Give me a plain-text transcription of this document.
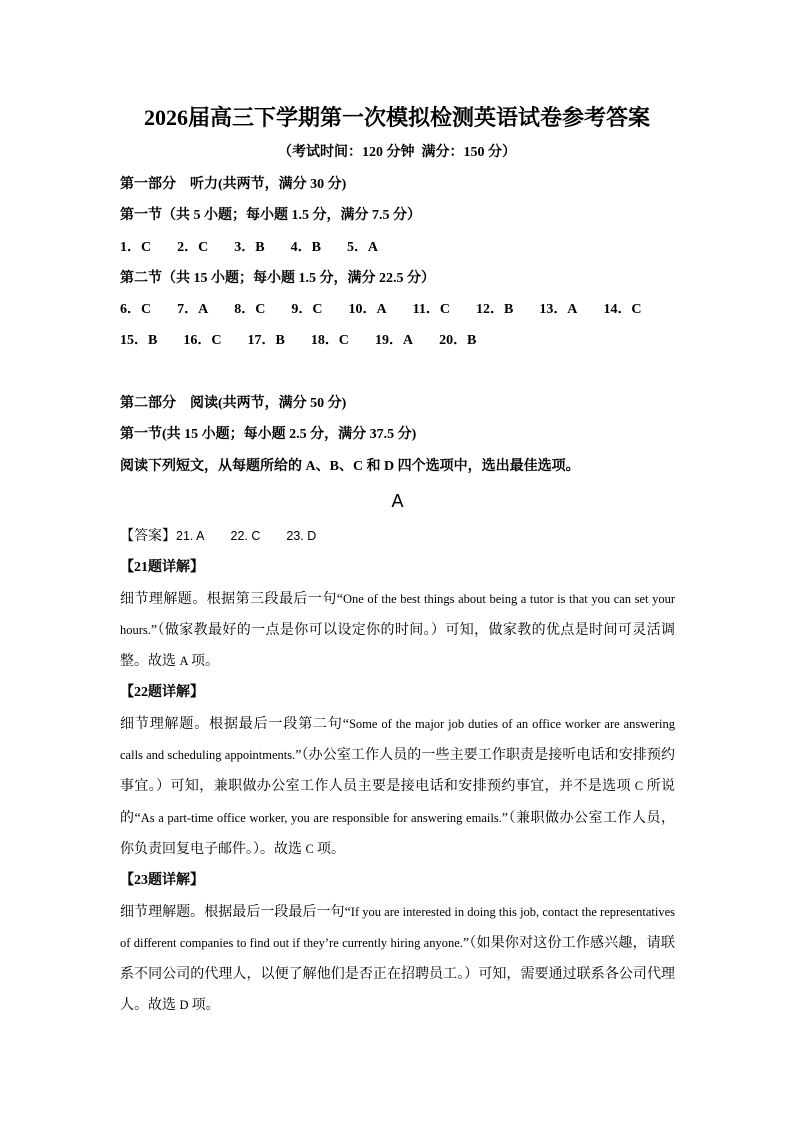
2026届高三下学期第一次模拟检测英语试卷参考答案
（考试时间：120 分钟  满分：150 分）
第一部分　听力(共两节，满分 30 分)
第一节（共 5 小题；每小题 1.5 分，满分 7.5 分）
1．C 2．C 3．B 4．B 5．A
第二节（共 15 小题；每小题 1.5 分，满分 22.5 分）
6．C 7．A 8．C 9．C 10．A 11．C 12．B 13．A 14．C
15．B 16．C 17．B 18．C 19．A 20．B
第二部分　阅读(共两节，满分 50 分)
第一节(共 15 小题；每小题 2.5 分，满分 37.5 分)
阅读下列短文，从每题所给的 A、B、C 和 D 四个选项中，选出最佳选项。
A
【答案】21. A 22. C 23. D
【21题详解】
细节理解题。根据第三段最后一句“One of the best things about being a tutor is that you can set your hours.”（做家教最好的一点是你可以设定你的时间。）可知，做家教的优点是时间可灵活调整。故选 A 项。
【22题详解】
细节理解题。根据最后一段第二句“Some of the major job duties of an office worker are answering calls and scheduling appointments.”（办公室工作人员的一些主要工作职责是接听电话和安排预约事宜。）可知，兼职做办公室工作人员主要是接电话和安排预约事宜，并不是选项 C 所说的“As a part-time office worker, you are responsible for answering emails.”（兼职做办公室工作人员，你负责回复电子邮件。）。故选 C 项。
【23题详解】
细节理解题。根据最后一段最后一句“If you are interested in doing this job, contact the representatives of different companies to find out if they’re currently hiring anyone.”（如果你对这份工作感兴趣，请联系不同公司的代理人，以便了解他们是否正在招聘员工。）可知，需要通过联系各公司代理人。故选 D 项。
